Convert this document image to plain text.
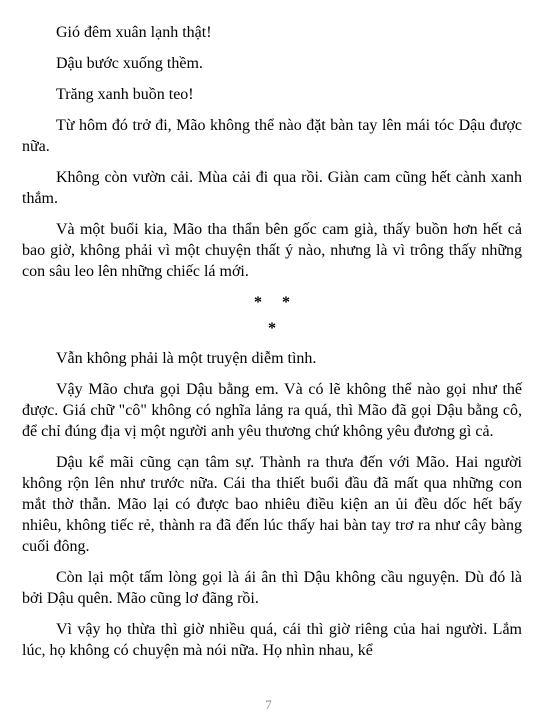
Gió đêm xuân lạnh thật!

Dậu bước xuống thềm.

Trăng xanh buồn teo!

Từ hôm đó trở đi, Mão không thể nào đặt bàn tay lên mái tóc Dậu được nữa.

Không còn vườn cải. Mùa cải đi qua rồi. Giàn cam cũng hết cành xanh thắm.

Và một buổi kia, Mão tha thẩn bên gốc cam già, thấy buồn hơn hết cả bao giờ, không phải vì một chuyện thất ý nào, nhưng là vì trông thấy những con sâu leo lên những chiếc lá mới.

*     *

*

Vẫn không phải là một truyện diễm tình.

Vậy Mão chưa gọi Dậu bằng em. Và có lẽ không thể nào gọi như thế được. Giá chữ "cô" không có nghĩa lảng ra quá, thì Mão đã gọi Dậu bằng cô, để chỉ đúng địa vị một người anh yêu thương chứ không yêu đương gì cả.

Dậu kể mãi cũng cạn tâm sự. Thành ra thưa đến với Mão. Hai người không rộn lên như trước nữa. Cái tha thiết buổi đầu đã mất qua những con mắt thờ thẫn. Mão lại có được bao nhiêu điều kiện an ủi đều dốc hết bấy nhiêu, không tiếc rẻ, thành ra đã đến lúc thấy hai bàn tay trơ ra như cây bàng cuối đông.

Còn lại một tấm lòng gọi là ái ân thì Dậu không cầu nguyện. Dù đó là bởi Dậu quên. Mão cũng lơ đãng rồi.

Vì vậy họ thừa thì giờ nhiều quá, cái thì giờ riêng của hai người. Lắm lúc, họ không có chuyện mà nói nữa. Họ nhìn nhau, kể

7
